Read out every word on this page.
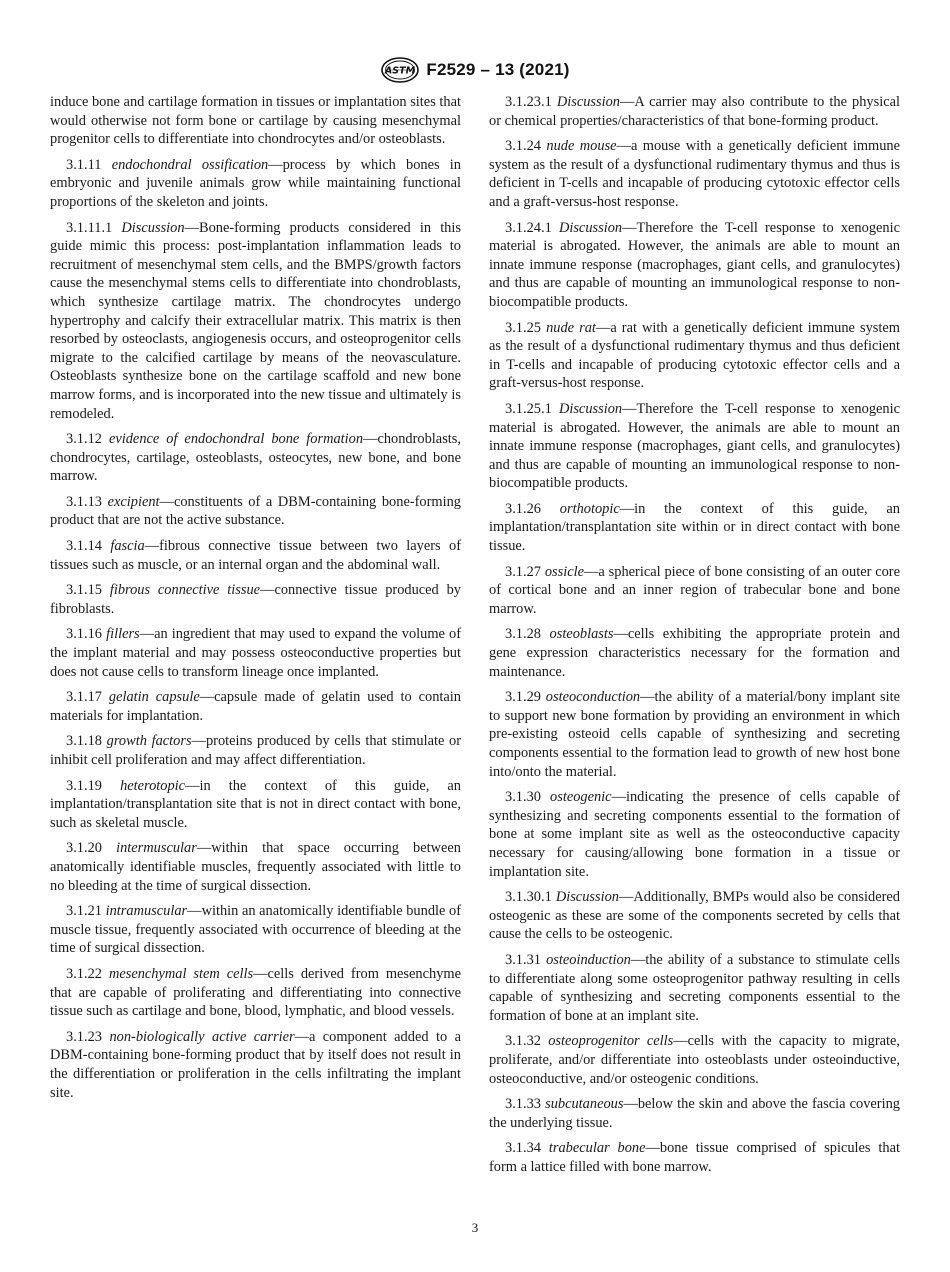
ASTM F2529 – 13 (2021)

induce bone and cartilage formation in tissues or implantation sites that would otherwise not form bone or cartilage by causing mesenchymal progenitor cells to differentiate into chondrocytes and/or osteoblasts.

3.1.11 endochondral ossification—process by which bones in embryonic and juvenile animals grow while maintaining functional proportions of the skeleton and joints.

3.1.11.1 Discussion—Bone-forming products considered in this guide mimic this process: post-implantation inflammation leads to recruitment of mesenchymal stem cells, and the BMPS/growth factors cause the mesenchymal stems cells to differentiate into chondroblasts, which synthesize cartilage matrix. The chondrocytes undergo hypertrophy and calcify their extracellular matrix. This matrix is then resorbed by osteoclasts, angiogenesis occurs, and osteoprogenitor cells migrate to the calcified cartilage by means of the neovasculature. Osteoblasts synthesize bone on the cartilage scaffold and new bone marrow forms, and is incorporated into the new tissue and ultimately is remodeled.

3.1.12 evidence of endochondral bone formation—chondroblasts, chondrocytes, cartilage, osteoblasts, osteocytes, new bone, and bone marrow.

3.1.13 excipient—constituents of a DBM-containing bone-forming product that are not the active substance.

3.1.14 fascia—fibrous connective tissue between two layers of tissues such as muscle, or an internal organ and the abdominal wall.

3.1.15 fibrous connective tissue—connective tissue produced by fibroblasts.

3.1.16 fillers—an ingredient that may used to expand the volume of the implant material and may possess osteoconductive properties but does not cause cells to transform lineage once implanted.

3.1.17 gelatin capsule—capsule made of gelatin used to contain materials for implantation.

3.1.18 growth factors—proteins produced by cells that stimulate or inhibit cell proliferation and may affect differentiation.

3.1.19 heterotopic—in the context of this guide, an implantation/transplantation site that is not in direct contact with bone, such as skeletal muscle.

3.1.20 intermuscular—within that space occurring between anatomically identifiable muscles, frequently associated with little to no bleeding at the time of surgical dissection.

3.1.21 intramuscular—within an anatomically identifiable bundle of muscle tissue, frequently associated with occurrence of bleeding at the time of surgical dissection.

3.1.22 mesenchymal stem cells—cells derived from mesenchyme that are capable of proliferating and differentiating into connective tissue such as cartilage and bone, blood, lymphatic, and blood vessels.

3.1.23 non-biologically active carrier—a component added to a DBM-containing bone-forming product that by itself does not result in the differentiation or proliferation in the cells infiltrating the implant site.

3.1.23.1 Discussion—A carrier may also contribute to the physical or chemical properties/characteristics of that bone-forming product.

3.1.24 nude mouse—a mouse with a genetically deficient immune system as the result of a dysfunctional rudimentary thymus and thus is deficient in T-cells and incapable of producing cytotoxic effector cells and a graft-versus-host response.

3.1.24.1 Discussion—Therefore the T-cell response to xenogenic material is abrogated. However, the animals are able to mount an innate immune response (macrophages, giant cells, and granulocytes) and thus are capable of mounting an immunological response to non-biocompatible products.

3.1.25 nude rat—a rat with a genetically deficient immune system as the result of a dysfunctional rudimentary thymus and thus deficient in T-cells and incapable of producing cytotoxic effector cells and a graft-versus-host response.

3.1.25.1 Discussion—Therefore the T-cell response to xenogenic material is abrogated. However, the animals are able to mount an innate immune response (macrophages, giant cells, and granulocytes) and thus are capable of mounting an immunological response to non-biocompatible products.

3.1.26 orthotopic—in the context of this guide, an implantation/transplantation site within or in direct contact with bone tissue.

3.1.27 ossicle—a spherical piece of bone consisting of an outer core of cortical bone and an inner region of trabecular bone and bone marrow.

3.1.28 osteoblasts—cells exhibiting the appropriate protein and gene expression characteristics necessary for the formation and maintenance.

3.1.29 osteoconduction—the ability of a material/bony implant site to support new bone formation by providing an environment in which pre-existing osteoid cells capable of synthesizing and secreting components essential to the formation lead to growth of new host bone into/onto the material.

3.1.30 osteogenic—indicating the presence of cells capable of synthesizing and secreting components essential to the formation of bone at some implant site as well as the osteoconductive capacity necessary for causing/allowing bone formation in a tissue or implantation site.

3.1.30.1 Discussion—Additionally, BMPs would also be considered osteogenic as these are some of the components secreted by cells that cause the cells to be osteogenic.

3.1.31 osteoinduction—the ability of a substance to stimulate cells to differentiate along some osteoprogenitor pathway resulting in cells capable of synthesizing and secreting components essential to the formation of bone at an implant site.

3.1.32 osteoprogenitor cells—cells with the capacity to migrate, proliferate, and/or differentiate into osteoblasts under osteoinductive, osteoconductive, and/or osteogenic conditions.

3.1.33 subcutaneous—below the skin and above the fascia covering the underlying tissue.

3.1.34 trabecular bone—bone tissue comprised of spicules that form a lattice filled with bone marrow.

3
